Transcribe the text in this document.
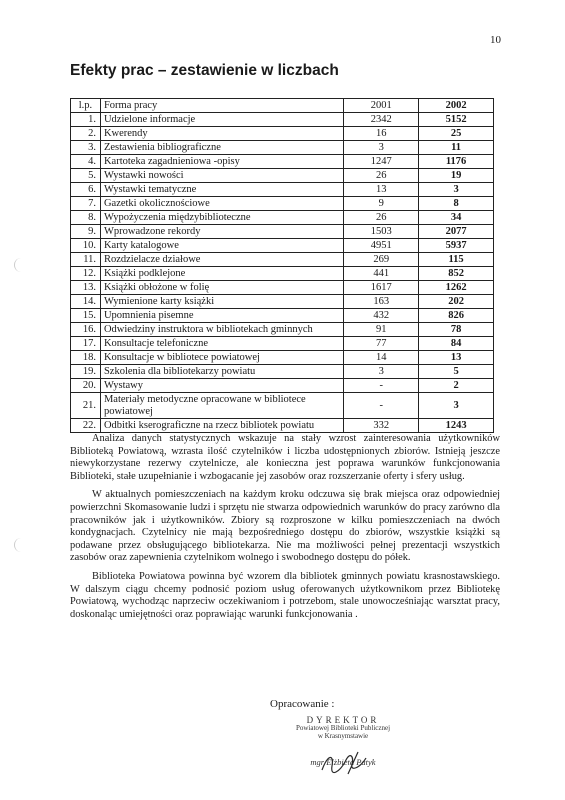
10
Efekty prac – zestawienie w liczbach
l.p.	Forma pracy	2001	2002
1.	Udzielone informacje	2342	5152
2.	Kwerendy	16	25
3.	Zestawienia bibliograficzne	3	11
4.	Kartoteka zagadnieniowa -opisy	1247	1176
5.	Wystawki nowości	26	19
6.	Wystawki tematyczne	13	3
7.	Gazetki okolicznościowe	9	8
8.	Wypożyczenia międzybiblioteczne	26	34
9.	Wprowadzone rekordy	1503	2077
10.	Karty katalogowe	4951	5937
11.	Rozdzielacze działowe	269	115
12.	Książki podklejone	441	852
13.	Książki obłożone w folię	1617	1262
14.	Wymienione karty książki	163	202
15.	Upomnienia pisemne	432	826
16.	Odwiedziny instruktora w bibliotekach gminnych	91	78
17.	Konsultacje telefoniczne	77	84
18.	Konsultacje w bibliotece powiatowej	14	13
19.	Szkolenia dla bibliotekarzy powiatu	3	5
20.	Wystawy	-	2
21.	Materiały metodyczne opracowane w bibliotece powiatowej	-	3
22.	Odbitki kserograficzne na rzecz bibliotek powiatu	332	1243

Analiza danych statystycznych wskazuje na stały wzrost zainteresowania użytkowników Biblioteką Powiatową, wzrasta ilość czytelników i liczba udostępnionych zbiorów. Istnieją jeszcze niewykorzystane rezerwy czytelnicze, ale konieczna jest poprawa warunków funkcjonowania Biblioteki, stałe uzupełnianie i wzbogacanie jej zasobów oraz rozszerzanie oferty i sfery usług.

W aktualnych pomieszczeniach na każdym kroku odczuwa się brak miejsca oraz odpowiedniej powierzchni Skomasowanie ludzi i sprzętu nie stwarza odpowiednich warunków do pracy zarówno dla pracowników jak i użytkowników. Zbiory są rozproszone w kilku pomieszczeniach na dwóch kondygnacjach. Czytelnicy nie mają bezpośredniego dostępu do zbiorów, wszystkie książki są podawane przez obsługującego bibliotekarza. Nie ma możliwości pełnej prezentacji wszystkich zasobów oraz zapewnienia czytelnikom wolnego i swobodnego dostępu do półek.

Biblioteka Powiatowa powinna być wzorem dla bibliotek gminnych powiatu krasnostawskiego. W dalszym ciągu chcemy podnosić poziom usług oferowanych użytkownikom przez Bibliotekę Powiatową, wychodząc naprzeciw oczekiwaniom i potrzebom, stale unowocześniając warsztat pracy, doskonaląc umiejętności oraz poprawiając warunki funkcjonowania .

Opracowanie :
DYREKTOR
Powiatowej Biblioteki Publicznej
w Krasnymstawie
mgr Elżbieta Patyk
